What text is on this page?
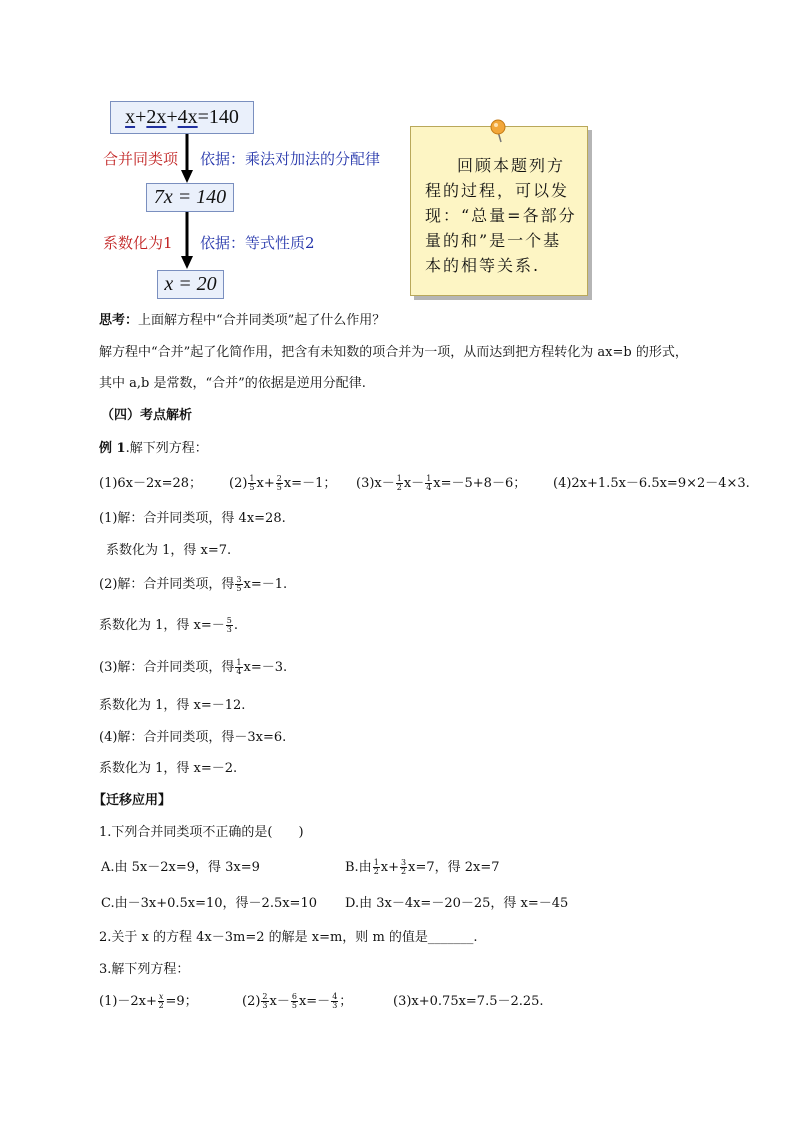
x + 2x + 4x =140
合并同类项 依据：乘法对加法的分配律
7x = 140
系数化为1 依据：等式性质2
x = 20

回顾本题列方程的过程，可以发现：“总量=各部分量的和”是一个基本的相等关系.

思考：上面解方程中“合并同类项”起了什么作用？
解方程中“合并”起了化简作用，把含有未知数的项合并为一项，从而达到把方程转化为 ax=b 的形式，
其中 a,b 是常数，“合并”的依据是逆用分配律.
（四）考点解析
例 1.解下列方程：
(1)6x－2x=28； $(2) \frac{1}{5} x+ \frac{2}{5} x=-1$； $(3)x- \frac{1}{2} x- \frac{1}{4} x=-5+8-6$； (4)2x+1.5x－6.5x=9×2－4×3.
(1)解：合并同类项，得 4x=28.
系数化为 1，得 x=7.
(2)解：合并同类项，得 $\frac{3}{5} x=-1$.
系数化为 1，得 $x=- \frac{5}{3}$ .
(3)解：合并同类项，得 $\frac{1}{4} x=-3$.
系数化为 1，得 x=－12.
(4)解：合并同类项，得－3x=6.
系数化为 1，得 x=－2.
【迁移应用】
1.下列合并同类项不正确的是(　　)
A.由 5x－2x=9，得 3x=9	B.由 $\frac{1}{2} x+ \frac{3}{2} x=7$，得 2x=7
C.由－3x+0.5x=10，得－2.5x=10 D.由 3x－4x=－20－25，得 x=－45
2.关于 x 的方程 4x－3m=2 的解是 x=m，则 m 的值是_______.
3.解下列方程：
$(1)-2x+ \frac{x}{2} =9$；	$(2) \frac{2}{3} x- \frac{6}{5} x=- \frac{4}{3}$ ；	(3)x+0.75x=7.5－2.25.
